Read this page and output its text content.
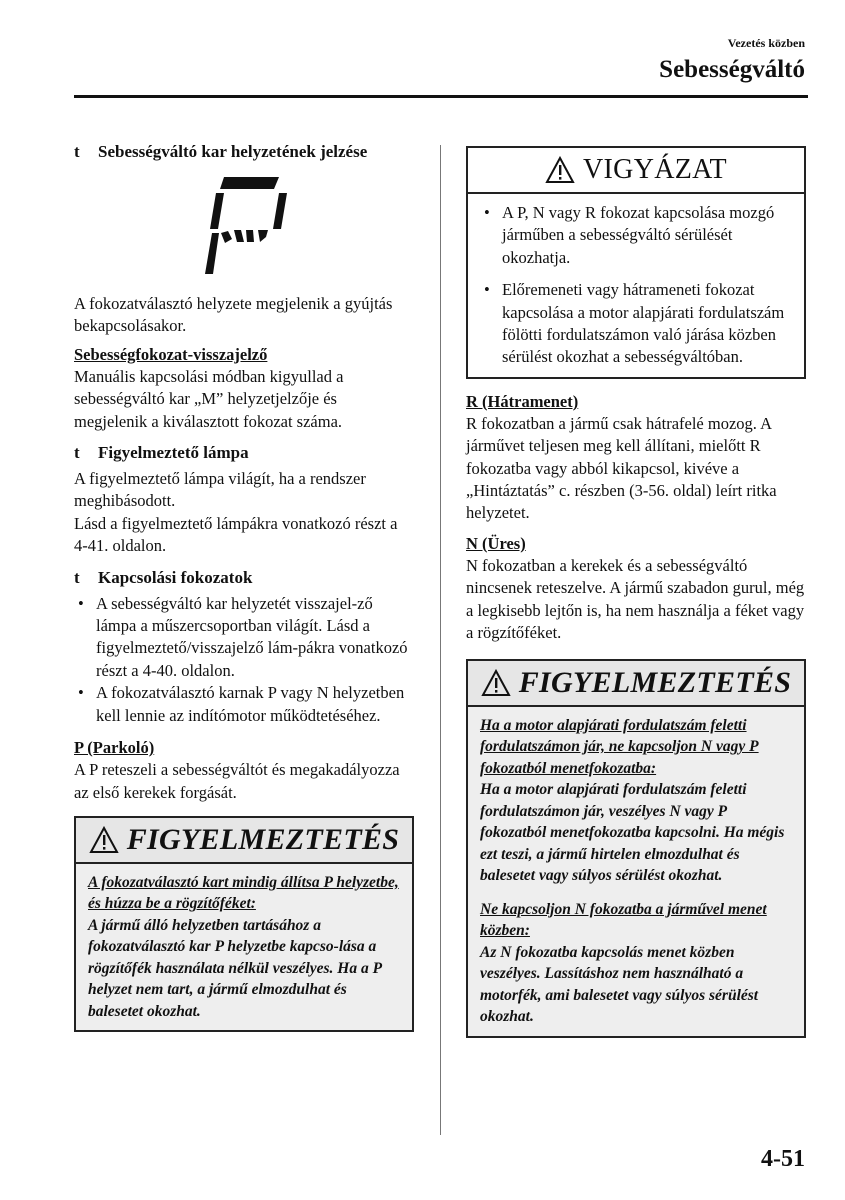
Vezetés közben
Sebességváltó
t	Sebességváltó kar helyzetének jelzése
A fokozatválasztó helyzete megjelenik a gyújtás bekapcsolásakor.
Sebességfokozat-visszajelző
Manuális kapcsolási módban kigyullad a sebességváltó kar „M” helyzetjelzője és megjelenik a kiválasztott fokozat száma.
t	Figyelmeztető lámpa
A figyelmeztető lámpa világít, ha a rendszer meghibásodott.
Lásd a figyelmeztető lámpákra vonatkozó részt a 4-41. oldalon.
t	Kapcsolási fokozatok
• A sebességváltó kar helyzetét visszajel-ző lámpa a műszercsoportban világít. Lásd a figyelmeztető/visszajelző lám-pákra vonatkozó részt a 4-40. oldalon.
• A fokozatválasztó karnak P vagy N helyzetben kell lennie az indítómotor működtetéséhez.
P (Parkoló)
A P reteszeli a sebességváltót és megakadályozza az első kerekek forgását.
FIGYELMEZTETÉS
A fokozatválasztó kart mindig állítsa P helyzetbe, és húzza be a rögzítőféket:
A jármű álló helyzetben tartásához a fokozatválasztó kar P helyzetbe kapcso-lása a rögzítőfék használata nélkül veszélyes. Ha a P helyzet nem tart, a jármű elmozdulhat és balesetet okozhat.
VIGYÁZAT
• A P, N vagy R fokozat kapcsolása mozgó járműben a sebességváltó sérülését okozhatja.
• Előremeneti vagy hátrameneti fokozat kapcsolása a motor alapjárati fordulatszám fölötti fordulatszámon való járása közben sérülést okozhat a sebességváltóban.
R (Hátramenet)
R fokozatban a jármű csak hátrafelé mozog. A járművet teljesen meg kell állítani, mielőtt R fokozatba vagy abból kikapcsol, kivéve a „Hintáztatás” c. részben (3-56. oldal) leírt ritka helyzetet.
N (Üres)
N fokozatban a kerekek és a sebességváltó nincsenek reteszelve. A jármű szabadon gurul, még a legkisebb lejtőn is, ha nem használja a féket vagy a rögzítőféket.
FIGYELMEZTETÉS
Ha a motor alapjárati fordulatszám feletti fordulatszámon jár, ne kapcsoljon N vagy P fokozatból menetfokozatba:
Ha a motor alapjárati fordulatszám feletti fordulatszámon jár, veszélyes N vagy P fokozatból menetfokozatba kapcsolni. Ha mégis ezt teszi, a jármű hirtelen elmozdulhat és balesetet vagy súlyos sérülést okozhat.
Ne kapcsoljon N fokozatba a járművel menet közben:
Az N fokozatba kapcsolás menet közben veszélyes. Lassításhoz nem használható a motorfék, ami balesetet vagy súlyos sérülést okozhat.
4-51
